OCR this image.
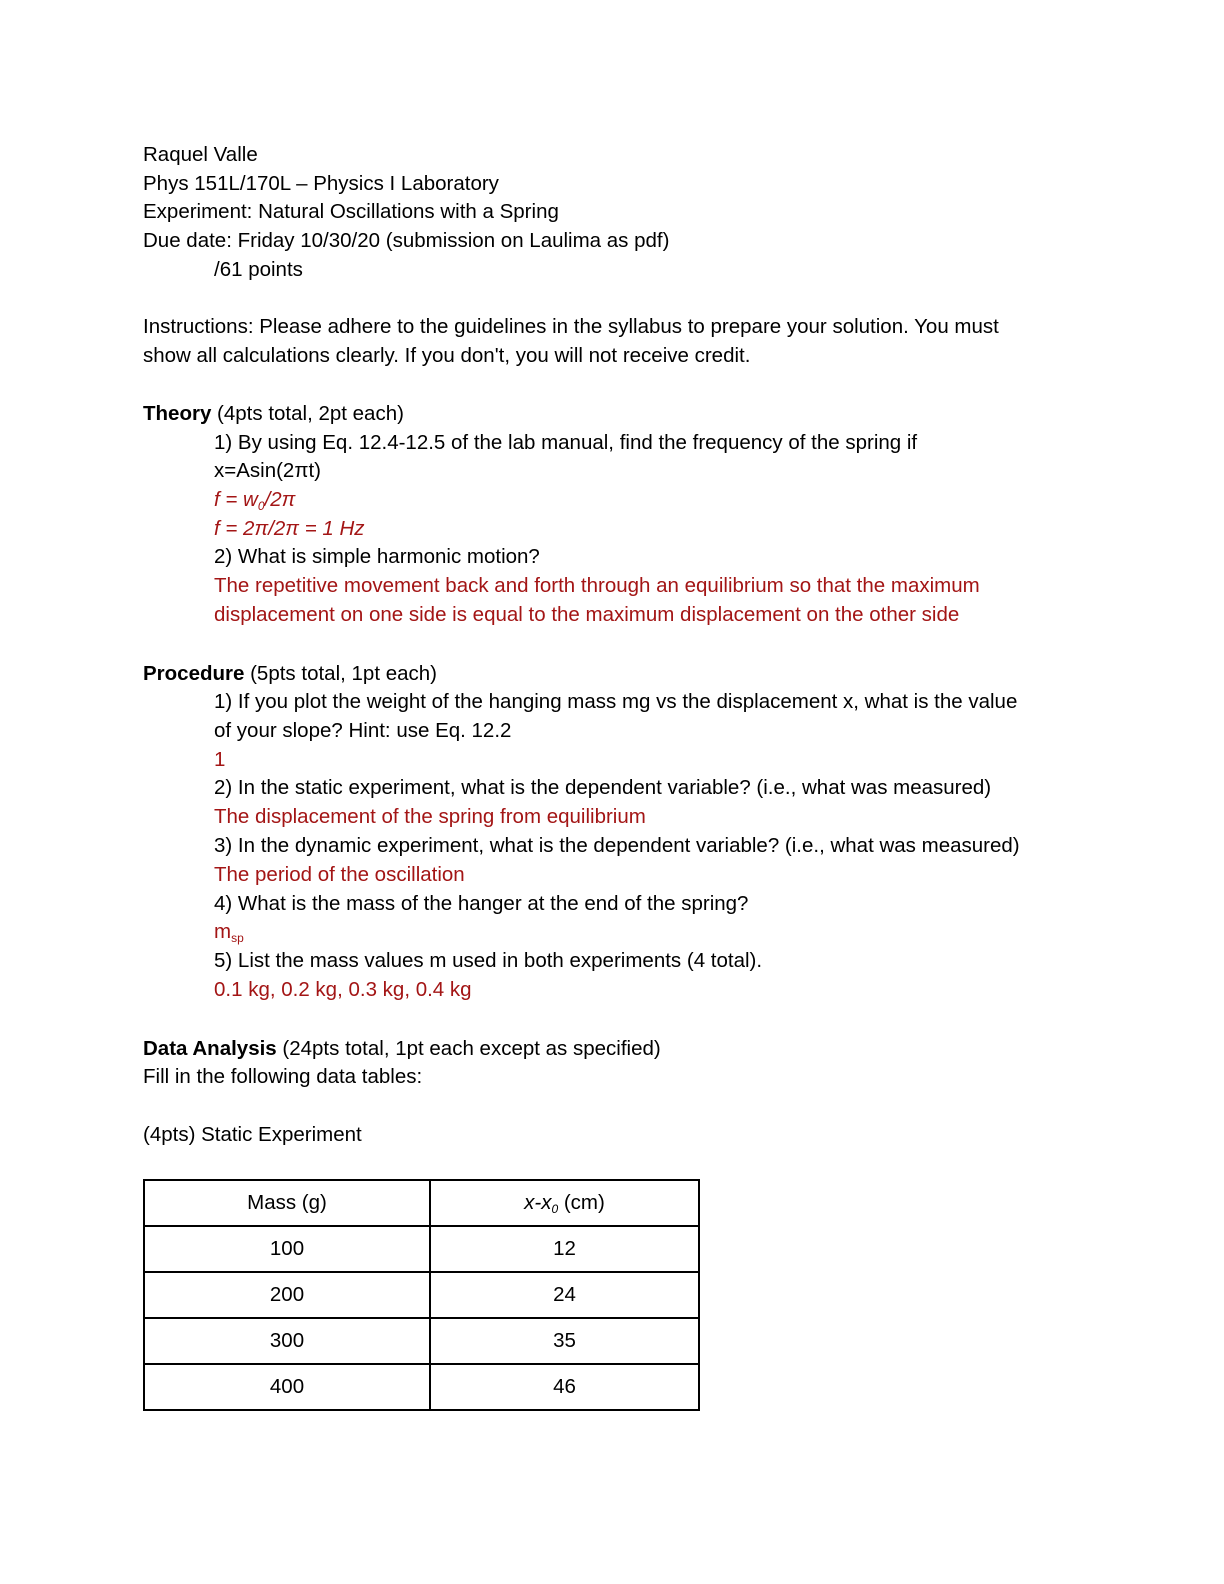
Raquel Valle
Phys 151L/170L – Physics I Laboratory
Experiment: Natural Oscillations with a Spring
Due date: Friday 10/30/20 (submission on Laulima as pdf)
/61 points
Instructions: Please adhere to the guidelines in the syllabus to prepare your solution. You must
show all calculations clearly. If you don't, you will not receive credit.
Theory (4pts total, 2pt each)
1) By using Eq. 12.4-12.5 of the lab manual, find the frequency of the spring if
x=Asin(2πt)
$f = w_0/2\pi$
f = 2π/2π = 1 Hz
2) What is simple harmonic motion?
The repetitive movement back and forth through an equilibrium so that the maximum
displacement on one side is equal to the maximum displacement on the other side
Procedure (5pts total, 1pt each)
1) If you plot the weight of the hanging mass mg vs the displacement x, what is the value
of your slope? Hint: use Eq. 12.2
1
2) In the static experiment, what is the dependent variable? (i.e., what was measured)
The displacement of the spring from equilibrium
3) In the dynamic experiment, what is the dependent variable? (i.e., what was measured)
The period of the oscillation
4) What is the mass of the hanger at the end of the spring?
$m_{sp}$
5) List the mass values m used in both experiments (4 total).
0.1 kg, 0.2 kg, 0.3 kg, 0.4 kg
Data Analysis (24pts total, 1pt each except as specified)
Fill in the following data tables:
(4pts) Static Experiment
Mass (g)	$x-x_0$ (cm)
100	12
200	24
300	35
400	46
